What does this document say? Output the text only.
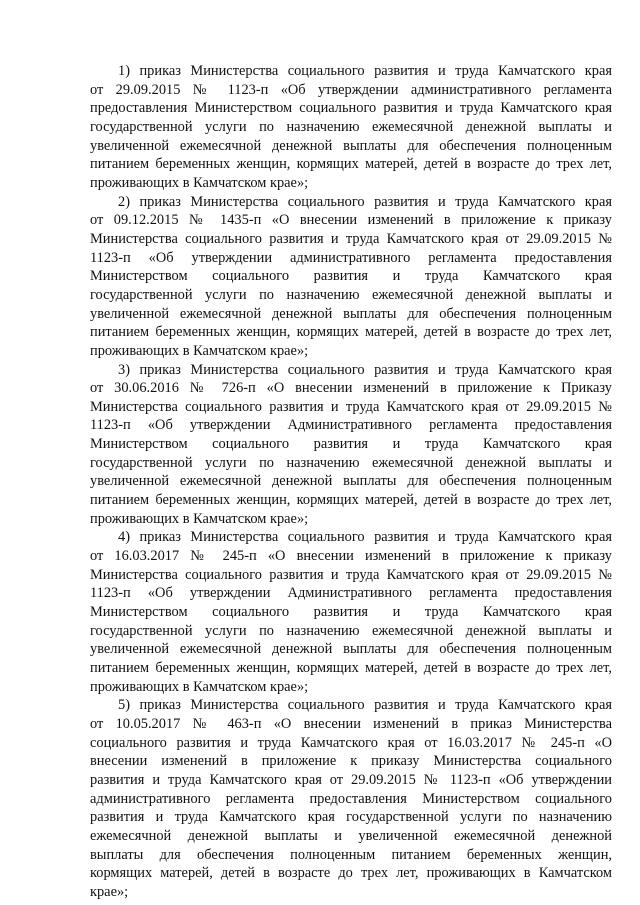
1) приказ Министерства социального развития и труда Камчатского края
от 29.09.2015 № 1123-п «Об утверждении административного регламента
предоставления Министерством социального развития и труда Камчатского края
государственной услуги по назначению ежемесячной денежной выплаты и
увеличенной ежемесячной денежной выплаты для обеспечения полноценным
питанием беременных женщин, кормящих матерей, детей в возрасте до трех лет,
проживающих в Камчатском крае»;
2) приказ Министерства социального развития и труда Камчатского края
от 09.12.2015 № 1435-п «О внесении изменений в приложение к приказу
Министерства социального развития и труда Камчатского края от 29.09.2015 №
1123-п «Об утверждении административного регламента предоставления
Министерством социального развития и труда Камчатского края
государственной услуги по назначению ежемесячной денежной выплаты и
увеличенной ежемесячной денежной выплаты для обеспечения полноценным
питанием беременных женщин, кормящих матерей, детей в возрасте до трех лет,
проживающих в Камчатском крае»;
3) приказ Министерства социального развития и труда Камчатского края
от 30.06.2016 № 726-п «О внесении изменений в приложение к Приказу
Министерства социального развития и труда Камчатского края от 29.09.2015 №
1123-п «Об утверждении Административного регламента предоставления
Министерством социального развития и труда Камчатского края
государственной услуги по назначению ежемесячной денежной выплаты и
увеличенной ежемесячной денежной выплаты для обеспечения полноценным
питанием беременных женщин, кормящих матерей, детей в возрасте до трех лет,
проживающих в Камчатском крае»;
4) приказ Министерства социального развития и труда Камчатского края
от 16.03.2017 № 245-п «О внесении изменений в приложение к приказу
Министерства социального развития и труда Камчатского края от 29.09.2015 №
1123-п «Об утверждении Административного регламента предоставления
Министерством социального развития и труда Камчатского края
государственной услуги по назначению ежемесячной денежной выплаты и
увеличенной ежемесячной денежной выплаты для обеспечения полноценным
питанием беременных женщин, кормящих матерей, детей в возрасте до трех лет,
проживающих в Камчатском крае»;
5) приказ Министерства социального развития и труда Камчатского края
от 10.05.2017 № 463-п «О внесении изменений в приказ Министерства
социального развития и труда Камчатского края от 16.03.2017 № 245-п «О
внесении изменений в приложение к приказу Министерства социального
развития и труда Камчатского края от 29.09.2015 № 1123-п «Об утверждении
административного регламента предоставления Министерством социального
развития и труда Камчатского края государственной услуги по назначению
ежемесячной денежной выплаты и увеличенной ежемесячной денежной
выплаты для обеспечения полноценным питанием беременных женщин,
кормящих матерей, детей в возрасте до трех лет, проживающих в Камчатском
крае»;
